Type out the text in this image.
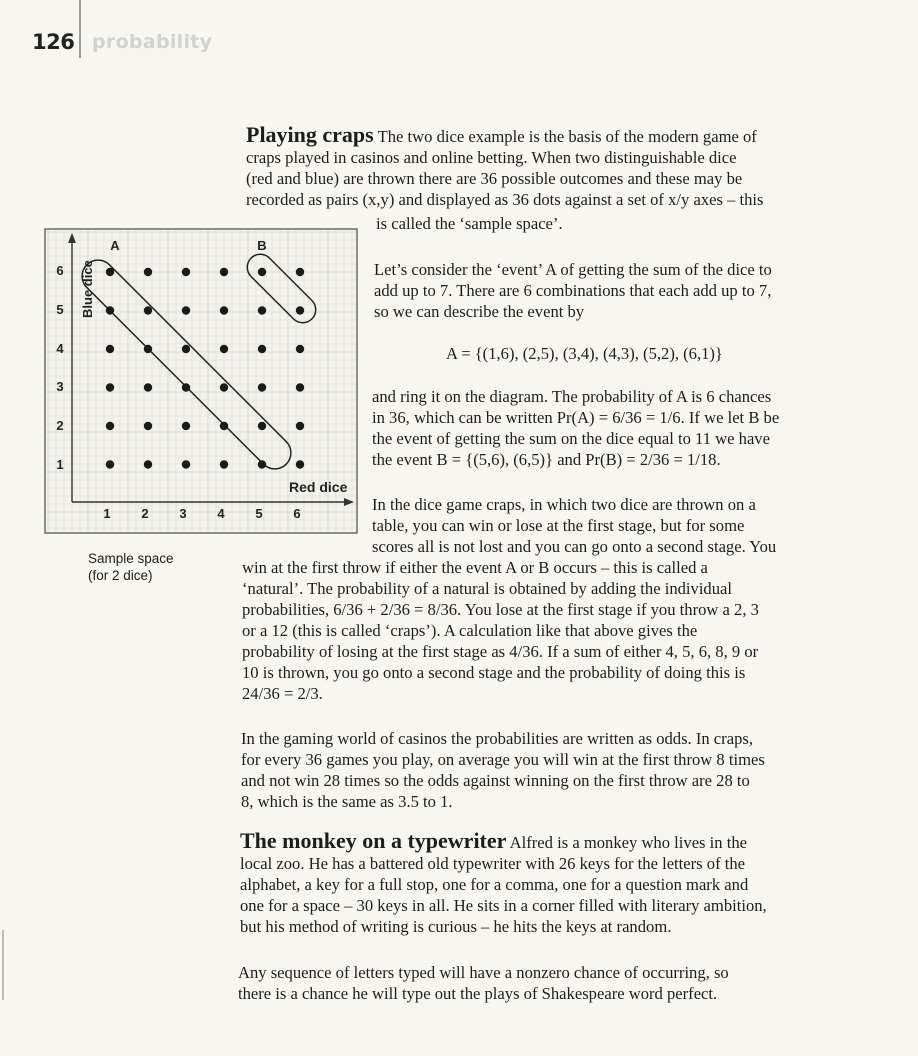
126 probability
Playing craps The two dice example is the basis of the modern game of
craps played in casinos and online betting. When two distinguishable dice
(red and blue) are thrown there are 36 possible outcomes and these may be
recorded as pairs (x,y) and displayed as 36 dots against a set of x/y axes – this
is called the ‘sample space’.
Let’s consider the ‘event’ A of getting the sum of the dice to
add up to 7. There are 6 combinations that each add up to 7,
so we can describe the event by
A = {(1,6), (2,5), (3,4), (4,3), (5,2), (6,1)}
and ring it on the diagram. The probability of A is 6 chances
in 36, which can be written Pr(A) = 6/36 = 1/6. If we let B be
the event of getting the sum on the dice equal to 11 we have
the event B = {(5,6), (6,5)} and Pr(B) = 2/36 = 1/18.
In the dice game craps, in which two dice are thrown on a
table, you can win or lose at the first stage, but for some
scores all is not lost and you can go onto a second stage. You
win at the first throw if either the event A or B occurs – this is called a
‘natural’. The probability of a natural is obtained by adding the individual
probabilities, 6/36 + 2/36 = 8/36. You lose at the first stage if you throw a 2, 3
or a 12 (this is called ‘craps’). A calculation like that above gives the
probability of losing at the first stage as 4/36. If a sum of either 4, 5, 6, 8, 9 or
10 is thrown, you go onto a second stage and the probability of doing this is
24/36 = 2/3.
In the gaming world of casinos the probabilities are written as odds. In craps,
for every 36 games you play, on average you will win at the first throw 8 times
and not win 28 times so the odds against winning on the first throw are 28 to
8, which is the same as 3.5 to 1.
The monkey on a typewriter Alfred is a monkey who lives in the
local zoo. He has a battered old typewriter with 26 keys for the letters of the
alphabet, a key for a full stop, one for a comma, one for a question mark and
one for a space – 30 keys in all. He sits in a corner filled with literary ambition,
but his method of writing is curious – he hits the keys at random.
Any sequence of letters typed will have a nonzero chance of occurring, so
there is a chance he will type out the plays of Shakespeare word perfect.
A	B
Blue dice
Red dice
1 2 3 4 5 6
1
2
3
4
5
6
Sample space
(for 2 dice)
